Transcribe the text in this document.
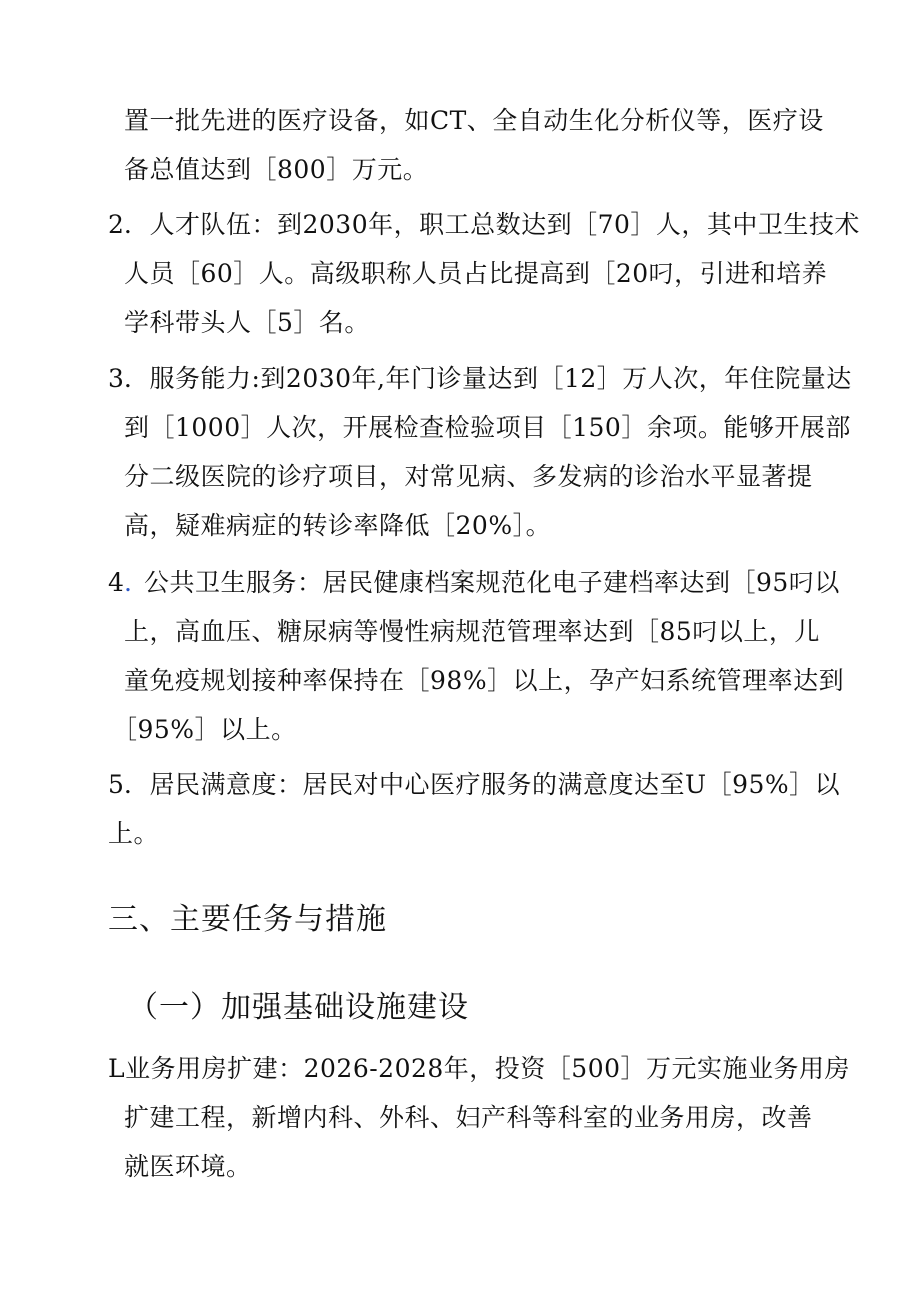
置一批先进的医疗设备，如CT、全自动生化分析仪等，医疗设
备总值达到［800］万元。
2 ．人才队伍：到2030年，职工总数达到［70］人，其中卫生技术
人员［60］人。高级职称人员占比提高到［20叼，引进和培养
学科带头人［5］名。
3 ．服务能力:到2030年,年门诊量达到［12］万人次，年住院量达
到［1000］人次，开展检查检验项目［150］余项。能够开展部
分二级医院的诊疗项目，对常见病、多发病的诊治水平显著提
高，疑难病症的转诊率降低［20%］。
4 . 公共卫生服务：居民健康档案规范化电子建档率达到［95叼以
上，高血压、糖尿病等慢性病规范管理率达到［85叼以上，儿
童免疫规划接种率保持在［98%］以上，孕产妇系统管理率达到
［95%］以上。
5 ．居民满意度：居民对中心医疗服务的满意度达至U［95%］以
上。
三、主要任务与措施
（一）加强基础设施建设
L业务用房扩建：2026-2028年，投资［500］万元实施业务用房
扩建工程，新增内科、外科、妇产科等科室的业务用房，改善
就医环境。
